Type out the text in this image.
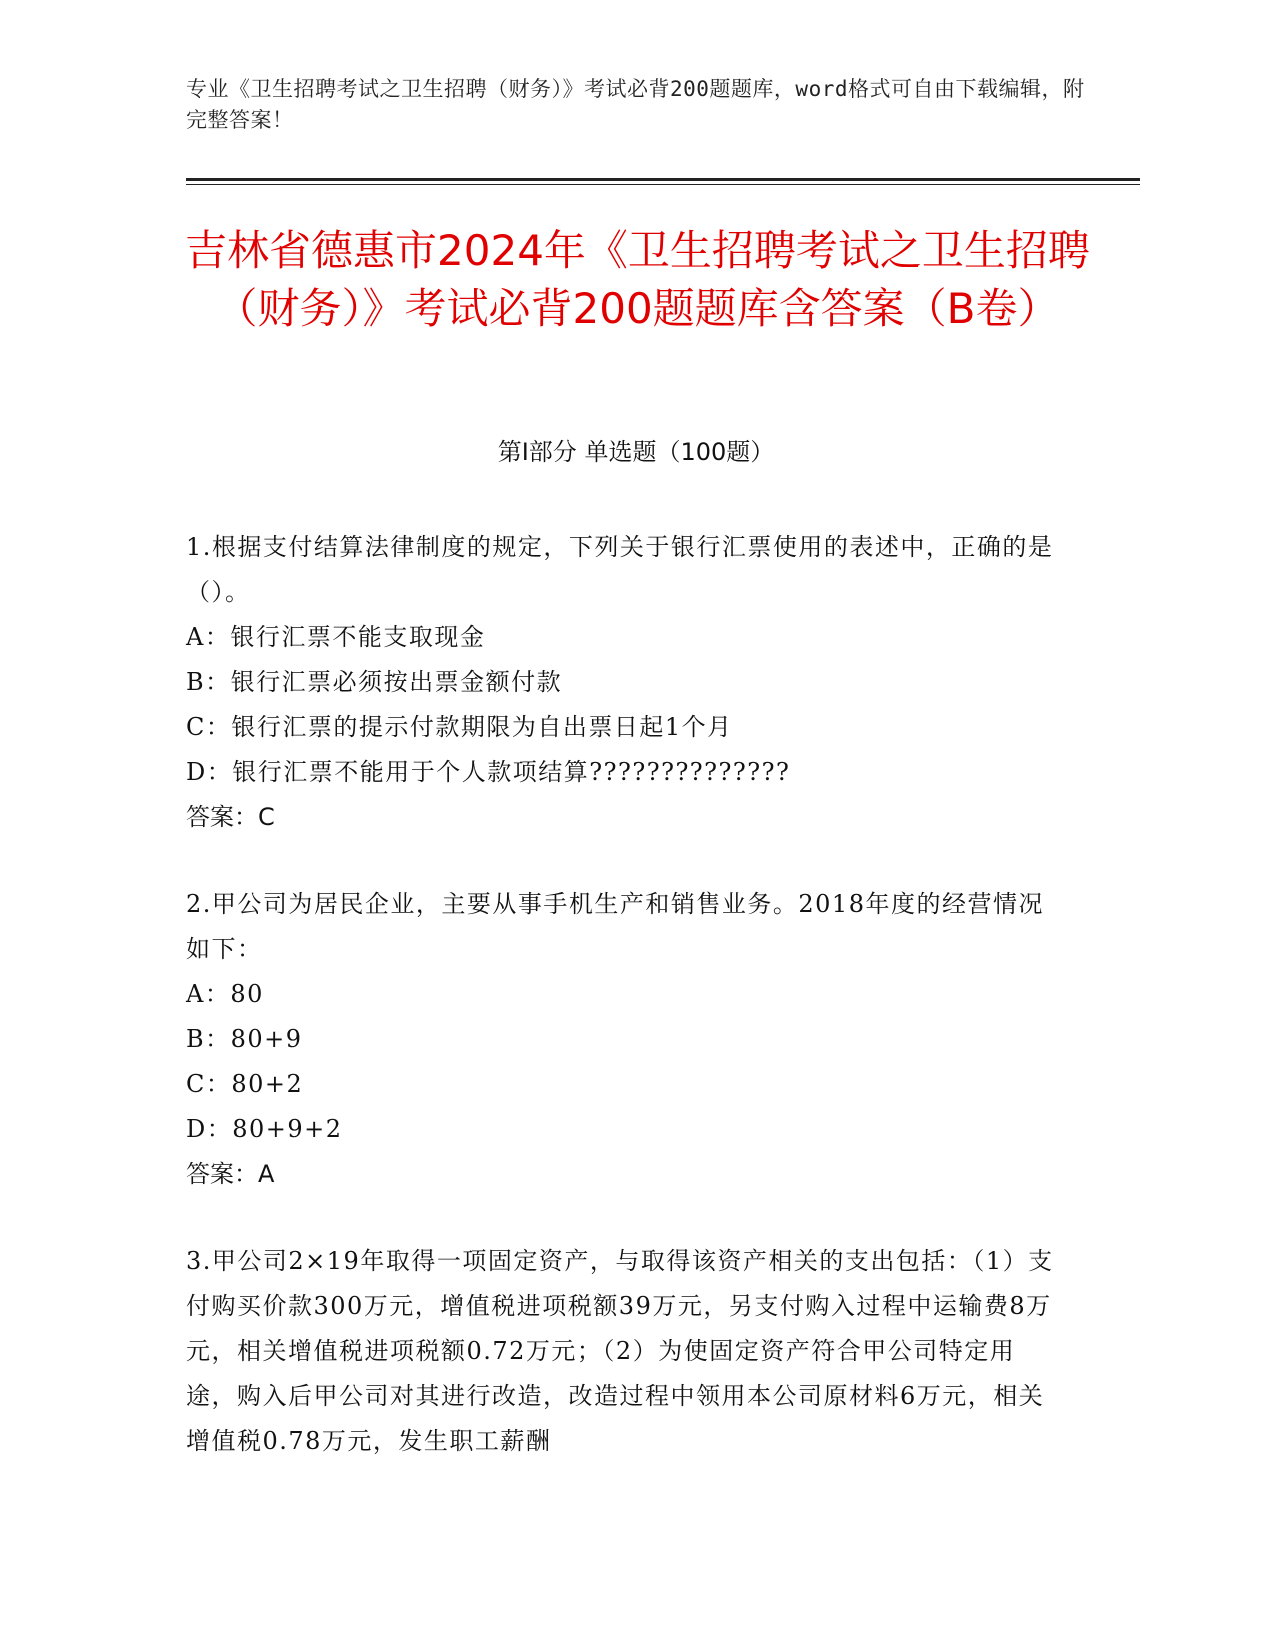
专业《卫生招聘考试之卫生招聘（财务）》考试必背200题题库，word格式可自由下载编辑，附完整答案！
吉林省德惠市2024年《卫生招聘考试之卫生招聘（财务）》考试必背200题题库含答案（B卷）
第Ⅰ部分 单选题（100题）

1.根据支付结算法律制度的规定，下列关于银行汇票使用的表述中，正确的是（）。

A：银行汇票不能支取现金

B：银行汇票必须按出票金额付款

C：银行汇票的提示付款期限为自出票日起1个月

D：银行汇票不能用于个人款项结算??????????????

答案：C

2.甲公司为居民企业，主要从事手机生产和销售业务。2018年度的经营情况如下：

A：80

B：80+9

C：80+2

D：80+9+2

答案：A

3.甲公司2×19年取得一项固定资产，与取得该资产相关的支出包括：（1）支付购买价款300万元，增值税进项税额39万元，另支付购入过程中运输费8万元，相关增值税进项税额0.72万元；（2）为使固定资产符合甲公司特定用途，购入后甲公司对其进行改造，改造过程中领用本公司原材料6万元，相关增值税0.78万元，发生职工薪酬
